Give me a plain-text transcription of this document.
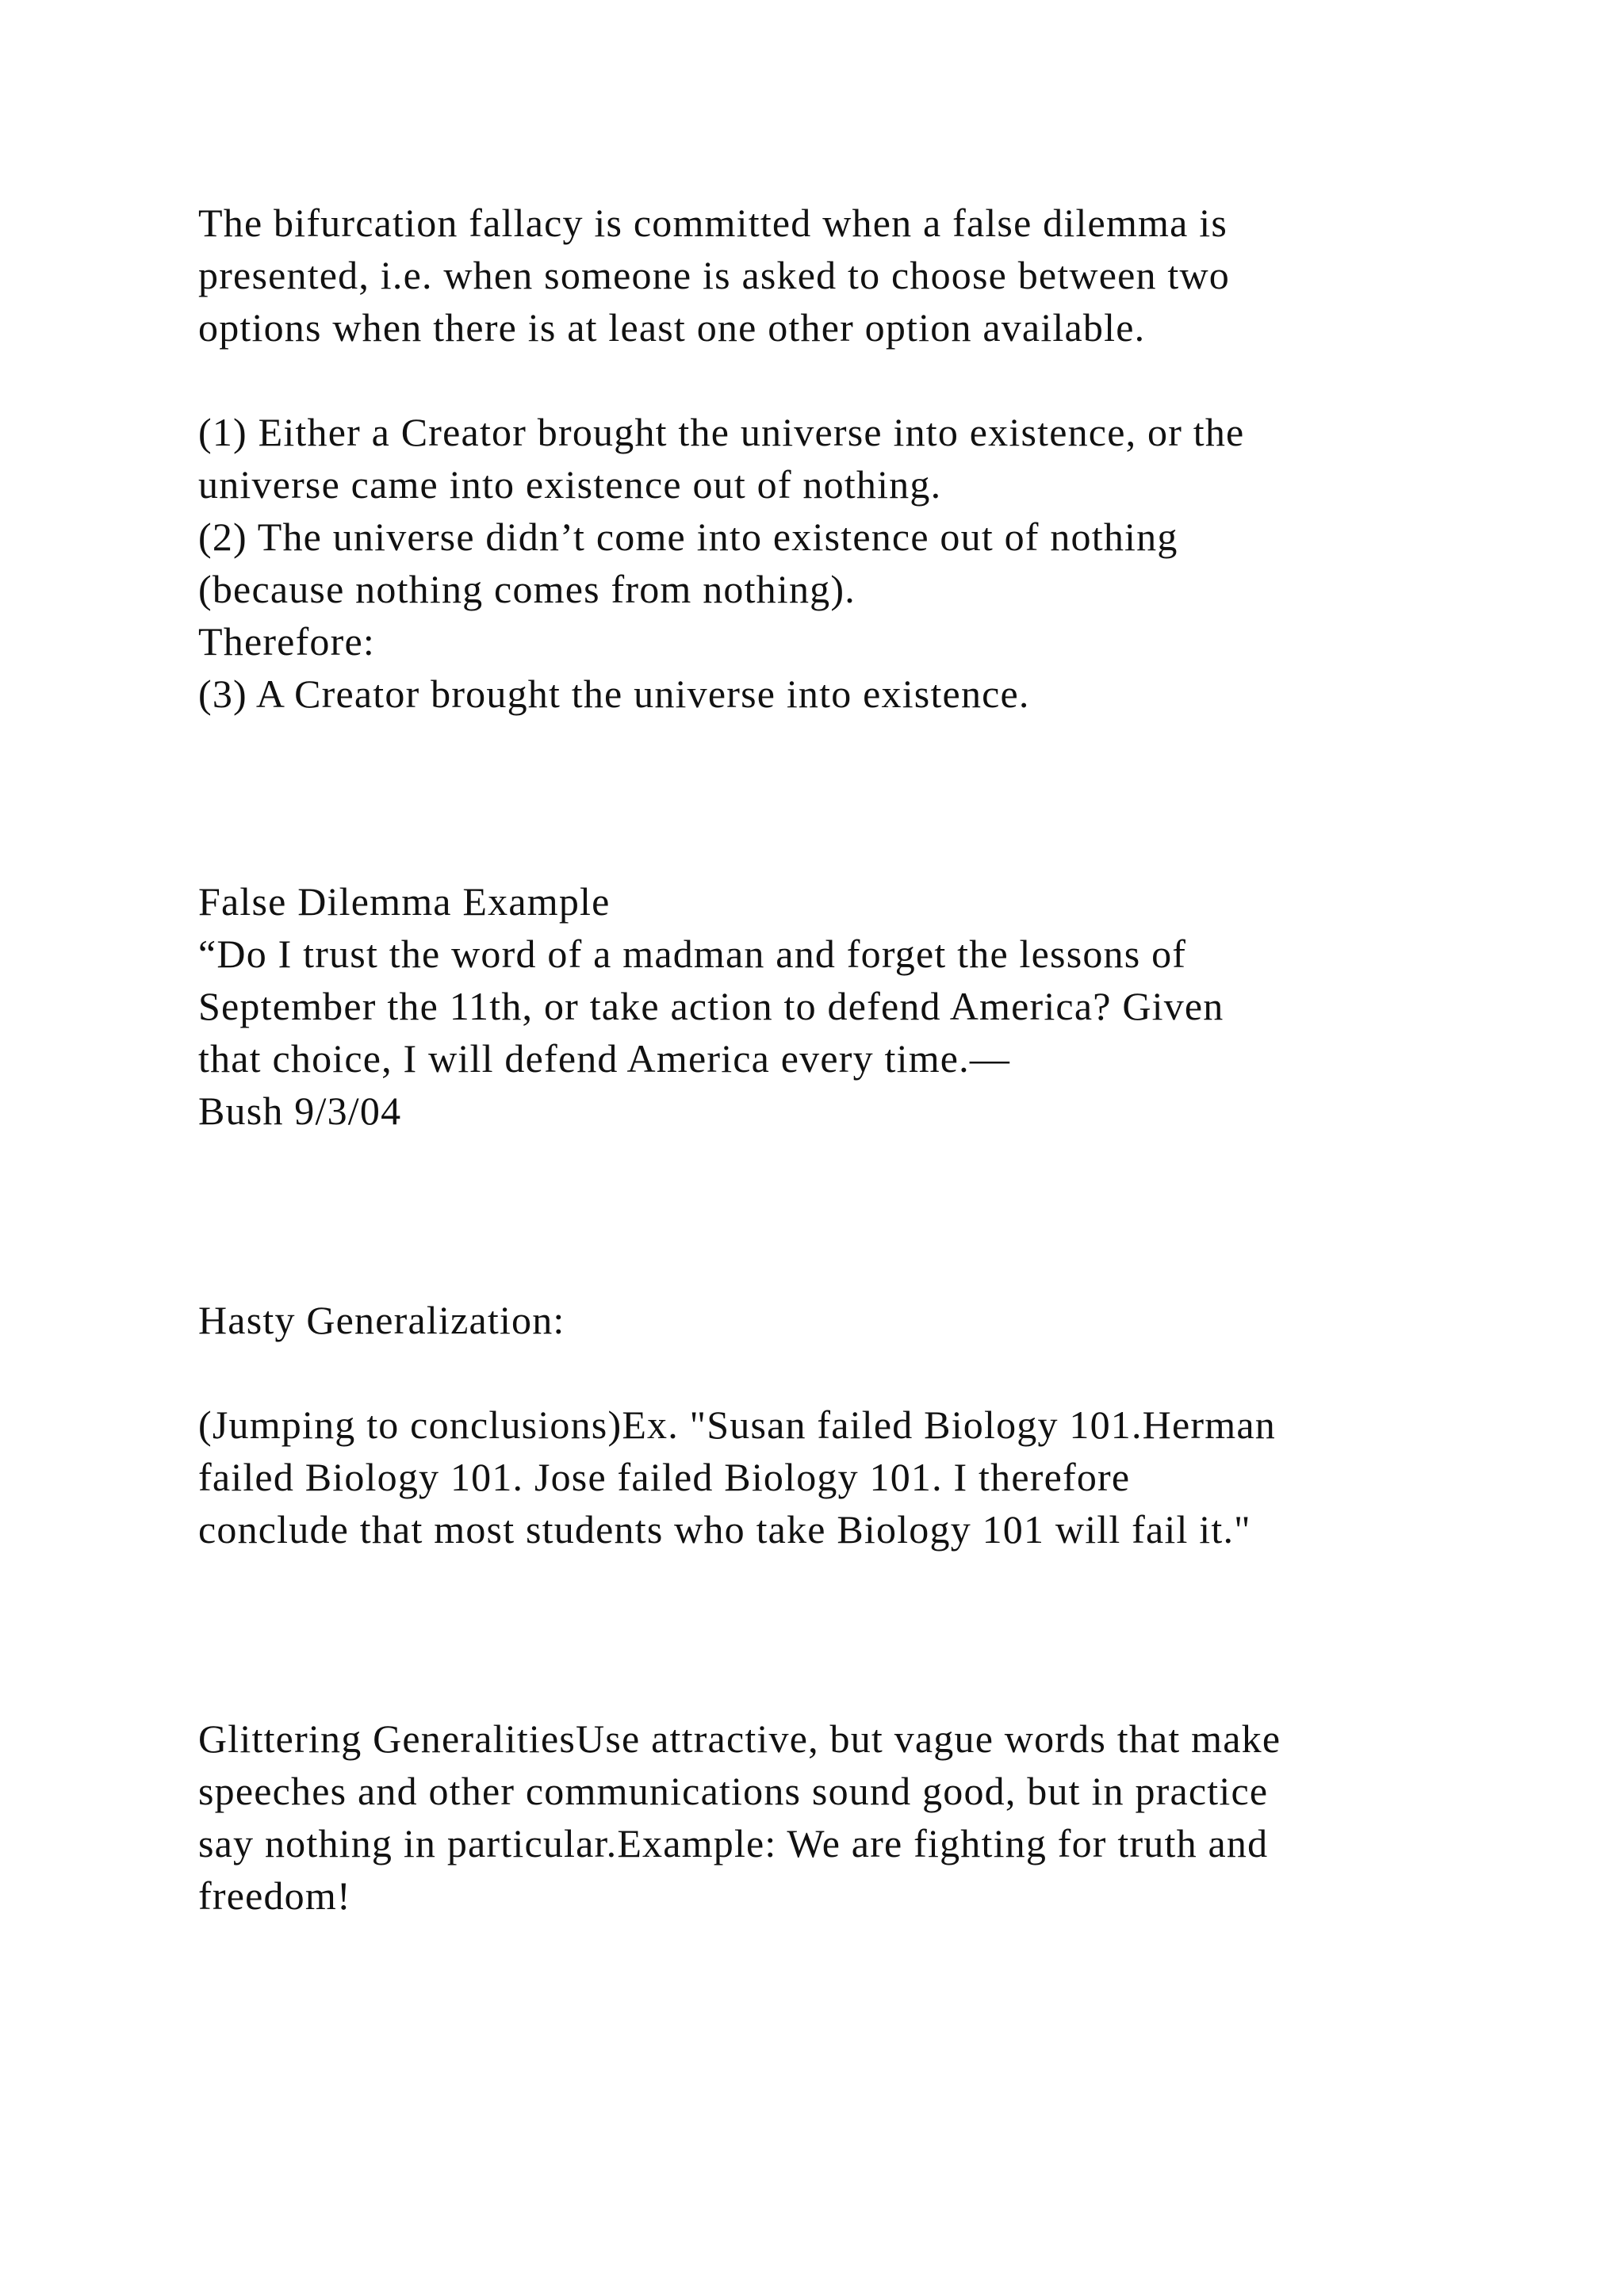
The bifurcation fallacy is committed when a false dilemma is
presented, i.e. when someone is asked to choose between two
options when there is at least one other option available.
(1) Either a Creator brought the universe into existence, or the
universe came into existence out of nothing.
(2) The universe didn’t come into existence out of nothing
(because nothing comes from nothing).
Therefore:
(3) A Creator brought the universe into existence.
False Dilemma Example
“Do I trust the word of a madman and forget the lessons of
September the 11th, or take action to defend America? Given
that choice, I will defend America every time.—
Bush 9/3/04
Hasty Generalization:
(Jumping to conclusions)Ex. "Susan failed Biology 101.Herman
failed Biology 101. Jose failed Biology 101. I therefore
conclude that most students who take Biology 101 will fail it."
Glittering GeneralitiesUse attractive, but vague words that make
speeches and other communications sound good, but in practice
say nothing in particular.Example: We are fighting for truth and
freedom!
